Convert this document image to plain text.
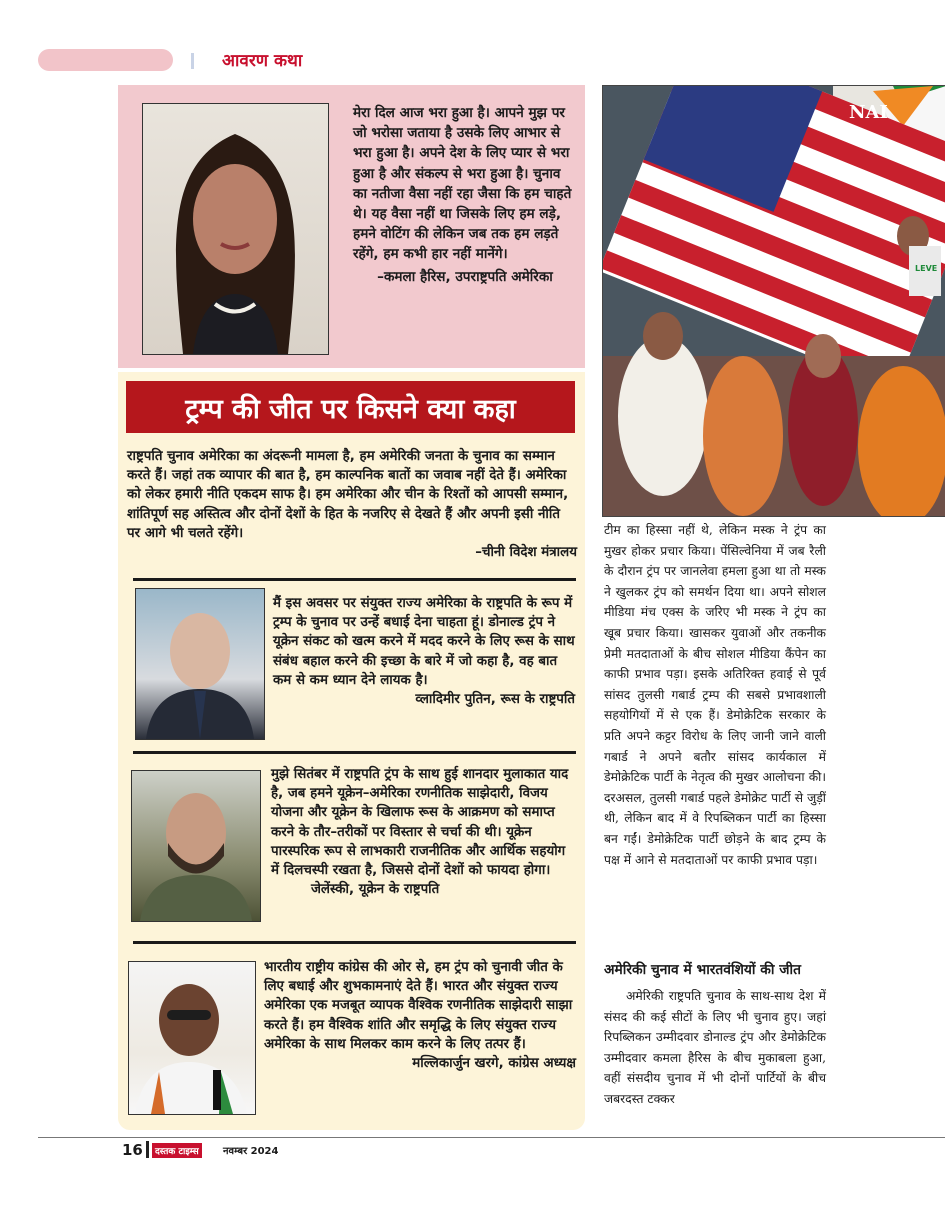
आवरण कथा
मेरा दिल आज भरा हुआ है। आपने मुझ पर जो भरोसा जताया है उसके लिए आभार से भरा हुआ है। अपने देश के लिए प्यार से भरा हुआ है और संकल्प से भरा हुआ है। चुनाव का नतीजा वैसा नहीं रहा जैसा कि हम चाहते थे। यह वैसा नहीं था जिसके लिए हम लड़े, हमने वोटिंग की लेकिन जब तक हम लड़ते रहेंगे, हम कभी हार नहीं मानेंगे।
–कमला हैरिस, उपराष्ट्रपति अमेरिका
ट्रम्प की जीत पर किसने क्या कहा
राष्ट्रपति चुनाव अमेरिका का अंदरूनी मामला है, हम अमेरिकी जनता के चुनाव का सम्मान करते हैं। जहां तक व्यापार की बात है, हम काल्पनिक बातों का जवाब नहीं देते हैं। अमेरिका को लेकर हमारी नीति एकदम साफ है। हम अमेरिका और चीन के रिश्तों को आपसी सम्मान, शांतिपूर्ण सह अस्तित्व और दोनों देशों के हित के नजरिए से देखते हैं और अपनी इसी नीति पर आगे भी चलते रहेंगे।
–चीनी विदेश मंत्रालय
मैं इस अवसर पर संयुक्त राज्य अमेरिका के राष्ट्रपति के रूप में ट्रम्प के चुनाव पर उन्हें बधाई देना चाहता हूं। डोनाल्ड ट्रंप ने यूक्रेन संकट को खत्म करने में मदद करने के लिए रूस के साथ संबंध बहाल करने की इच्छा के बारे में जो कहा है, वह बात कम से कम ध्यान देने लायक है।
व्लादिमीर पुतिन, रूस के राष्ट्रपति
मुझे सितंबर में राष्ट्रपति ट्रंप के साथ हुई शानदार मुलाकात याद है, जब हमने यूक्रेन–अमेरिका रणनीतिक साझेदारी, विजय योजना और यूक्रेन के खिलाफ रूस के आक्रमण को समाप्त करने के तौर–तरीकों पर विस्तार से चर्चा की थी। यूक्रेन पारस्परिक रूप से लाभकारी राजनीतिक और आर्थिक सहयोग में दिलचस्पी रखता है, जिससे दोनों देशों को फायदा होगा। जेलेंस्की, यूक्रेन के राष्ट्रपति
भारतीय राष्ट्रीय कांग्रेस की ओर से, हम ट्रंप को चुनावी जीत के लिए बधाई और शुभकामनाएं देते हैं। भारत और संयुक्त राज्य अमेरिका एक मजबूत व्यापक वैश्विक रणनीतिक साझेदारी साझा करते हैं। हम वैश्विक शांति और समृद्धि के लिए संयुक्त राज्य अमेरिका के साथ मिलकर काम करने के लिए तत्पर हैं।
मल्लिकार्जुन खरगे, कांग्रेस अध्यक्ष
NAI
LEVE
टीम का हिस्सा नहीं थे, लेकिन मस्क ने ट्रंप का मुखर होकर प्रचार किया। पेंसिल्वेनिया में जब रैली के दौरान ट्रंप पर जानलेवा हमला हुआ था तो मस्क ने खुलकर ट्रंप को समर्थन दिया था। अपने सोशल मीडिया मंच एक्स के जरिए भी मस्क ने ट्रंप का खूब प्रचार किया। खासकर युवाओं और तकनीक प्रेमी मतदाताओं के बीच सोशल मीडिया कैंपेन का काफी प्रभाव पड़ा। इसके अतिरिक्त हवाई से पूर्व सांसद तुलसी गबार्ड ट्रम्प की सबसे प्रभावशाली सहयोगियों में से एक हैं। डेमोक्रेटिक सरकार के प्रति अपने कट्टर विरोध के लिए जानी जाने वाली गबार्ड ने अपने बतौर सांसद कार्यकाल में डेमोक्रेटिक पार्टी के नेतृत्व की मुखर आलोचना की। दरअसल, तुलसी गबार्ड पहले डेमोक्रेट पार्टी से जुड़ीं थी, लेकिन बाद में वे रिपब्लिकन पार्टी का हिस्सा बन गईं। डेमोक्रेटिक पार्टी छोड़ने के बाद ट्रम्प के पक्ष में आने से मतदाताओं पर काफी प्रभाव पड़ा।
अमेरिकी चुनाव में भारतवंशियों की जीत
अमेरिकी राष्ट्रपति चुनाव के साथ-साथ देश में संसद की कई सीटों के लिए भी चुनाव हुए। जहां रिपब्लिकन उम्मीदवार डोनाल्ड ट्रंप और डेमोक्रेटिक उम्मीदवार कमला हैरिस के बीच मुकाबला हुआ, वहीं संसदीय चुनाव में भी दोनों पार्टियों के बीच जबरदस्त टक्कर
16	दस्तक टाइम्स	नवम्बर 2024
